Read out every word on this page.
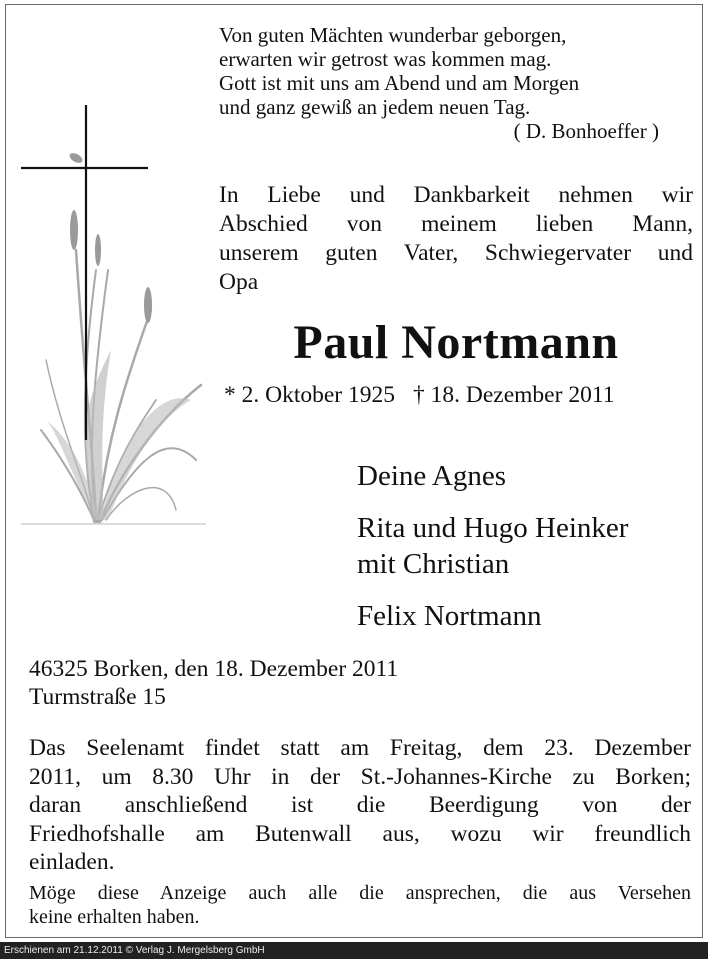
Von guten Mächten wunderbar geborgen,
erwarten wir getrost was kommen mag.
Gott ist mit uns am Abend und am Morgen
und ganz gewiß an jedem neuen Tag.
( D. Bonhoeffer )
In Liebe und Dankbarkeit nehmen wir
Abschied von meinem lieben Mann,
unserem guten Vater, Schwiegervater und
Opa
Paul Nortmann
* 2. Oktober 1925 † 18. Dezember 2011
Deine Agnes
Rita und Hugo Heinker
mit Christian
Felix Nortmann
46325 Borken, den 18. Dezember 2011
Turmstraße 15
Das Seelenamt findet statt am Freitag, dem 23. Dezember
2011, um 8.30 Uhr in der St.-Johannes-Kirche zu Borken;
daran anschließend ist die Beerdigung von der
Friedhofshalle am Butenwall aus, wozu wir freundlich
einladen.
Möge diese Anzeige auch alle die ansprechen, die aus Versehen
keine erhalten haben.
Erschienen am 21.12.2011 © Verlag J. Mergelsberg GmbH
